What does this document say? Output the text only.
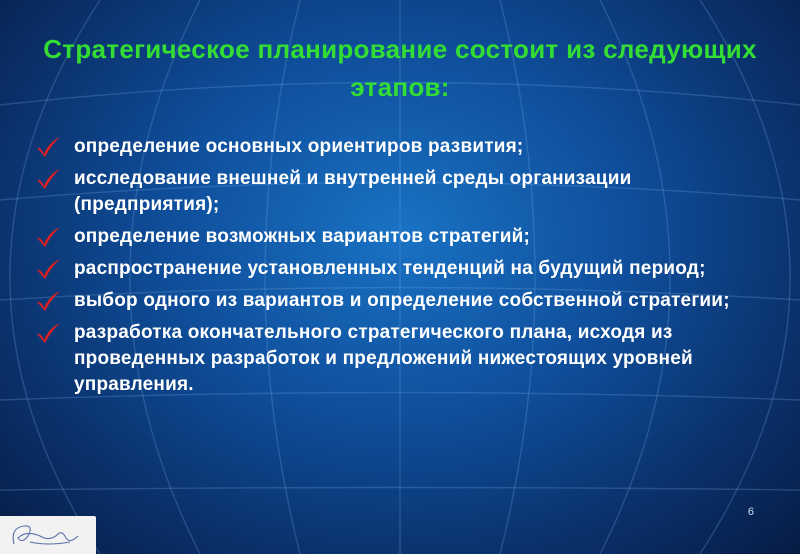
Стратегическое планирование состоит из следующих этапов:
определение основных ориентиров развития;
исследование внешней и внутренней среды организации (предприятия);
определение возможных вариантов стратегий;
распространение установленных тенденций на будущий период;
выбор одного из вариантов и определение собственной стратегии;
разработка окончательного стратегического плана, исходя из проведенных разработок и предложений нижестоящих уровней управления.
6
